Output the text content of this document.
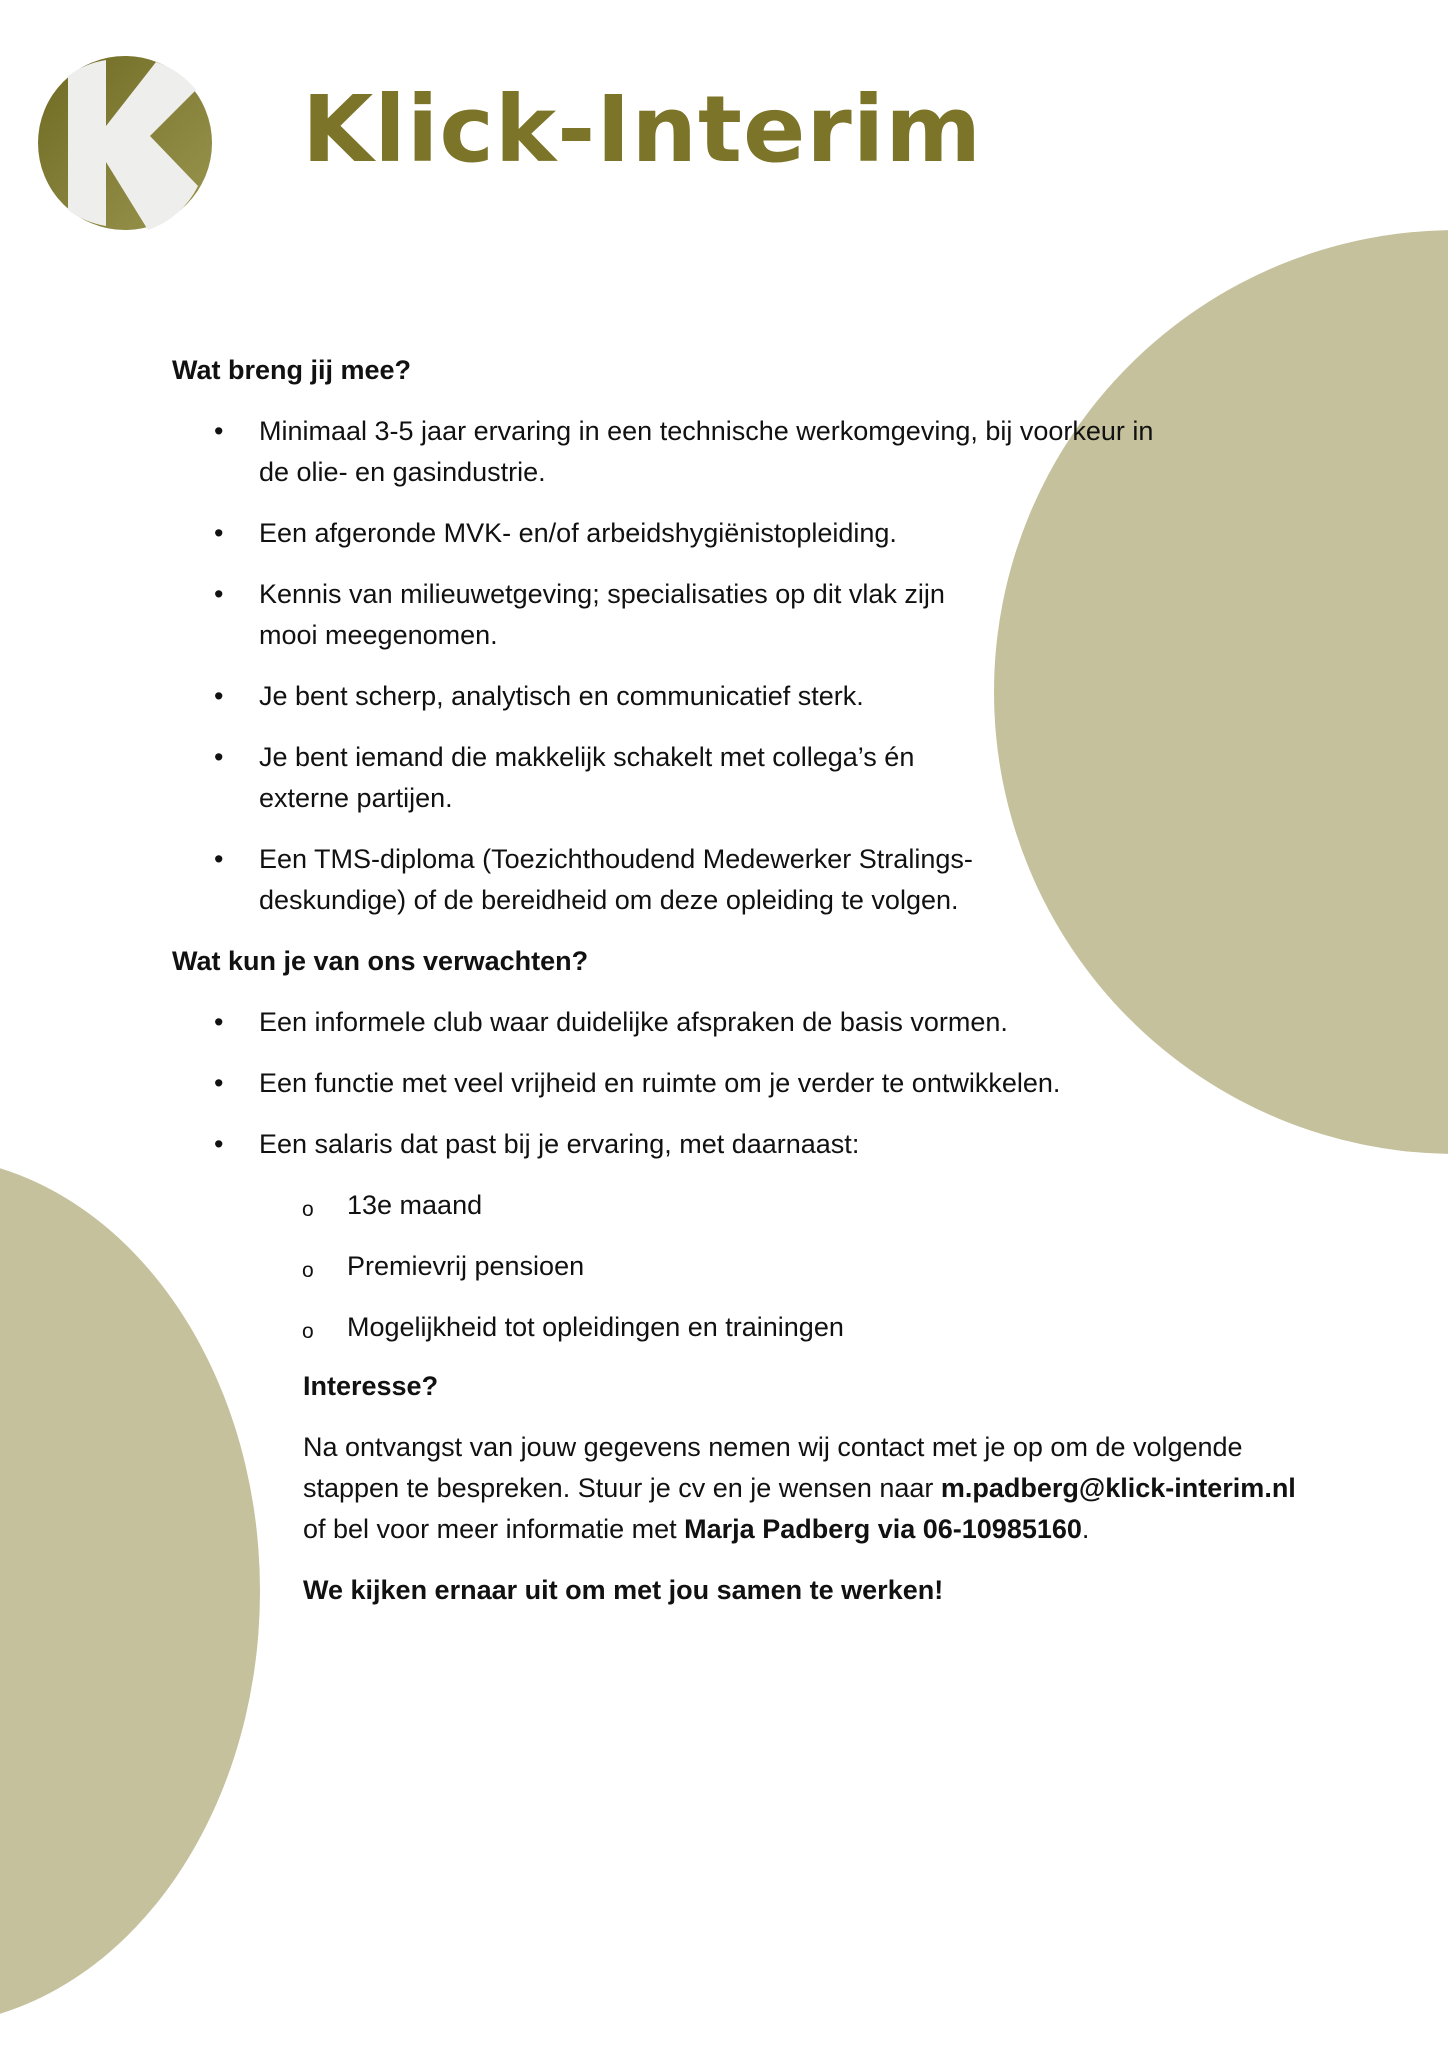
Klick-Interim
Wat breng jij mee?
• Minimaal 3-5 jaar ervaring in een technische werkomgeving, bij voorkeur in de olie- en gasindustrie.
• Een afgeronde MVK- en/of arbeidshygiënistopleiding.
• Kennis van milieuwetgeving; specialisaties op dit vlak zijn mooi meegenomen.
• Je bent scherp, analytisch en communicatief sterk.
• Je bent iemand die makkelijk schakelt met collega’s én externe partijen.
• Een TMS-diploma (Toezichthoudend Medewerker Stralings- deskundige) of de bereidheid om deze opleiding te volgen.
Wat kun je van ons verwachten?
• Een informele club waar duidelijke afspraken de basis vormen.
• Een functie met veel vrijheid en ruimte om je verder te ontwikkelen.
• Een salaris dat past bij je ervaring, met daarnaast:
o 13e maand
o Premievrij pensioen
o Mogelijkheid tot opleidingen en trainingen
Interesse?

Na ontvangst van jouw gegevens nemen wij contact met je op om de volgende stappen te bespreken. Stuur je cv en je wensen naar m.padberg@klick-interim.nl of bel voor meer informatie met Marja Padberg via 06-10985160.

We kijken ernaar uit om met jou samen te werken!
